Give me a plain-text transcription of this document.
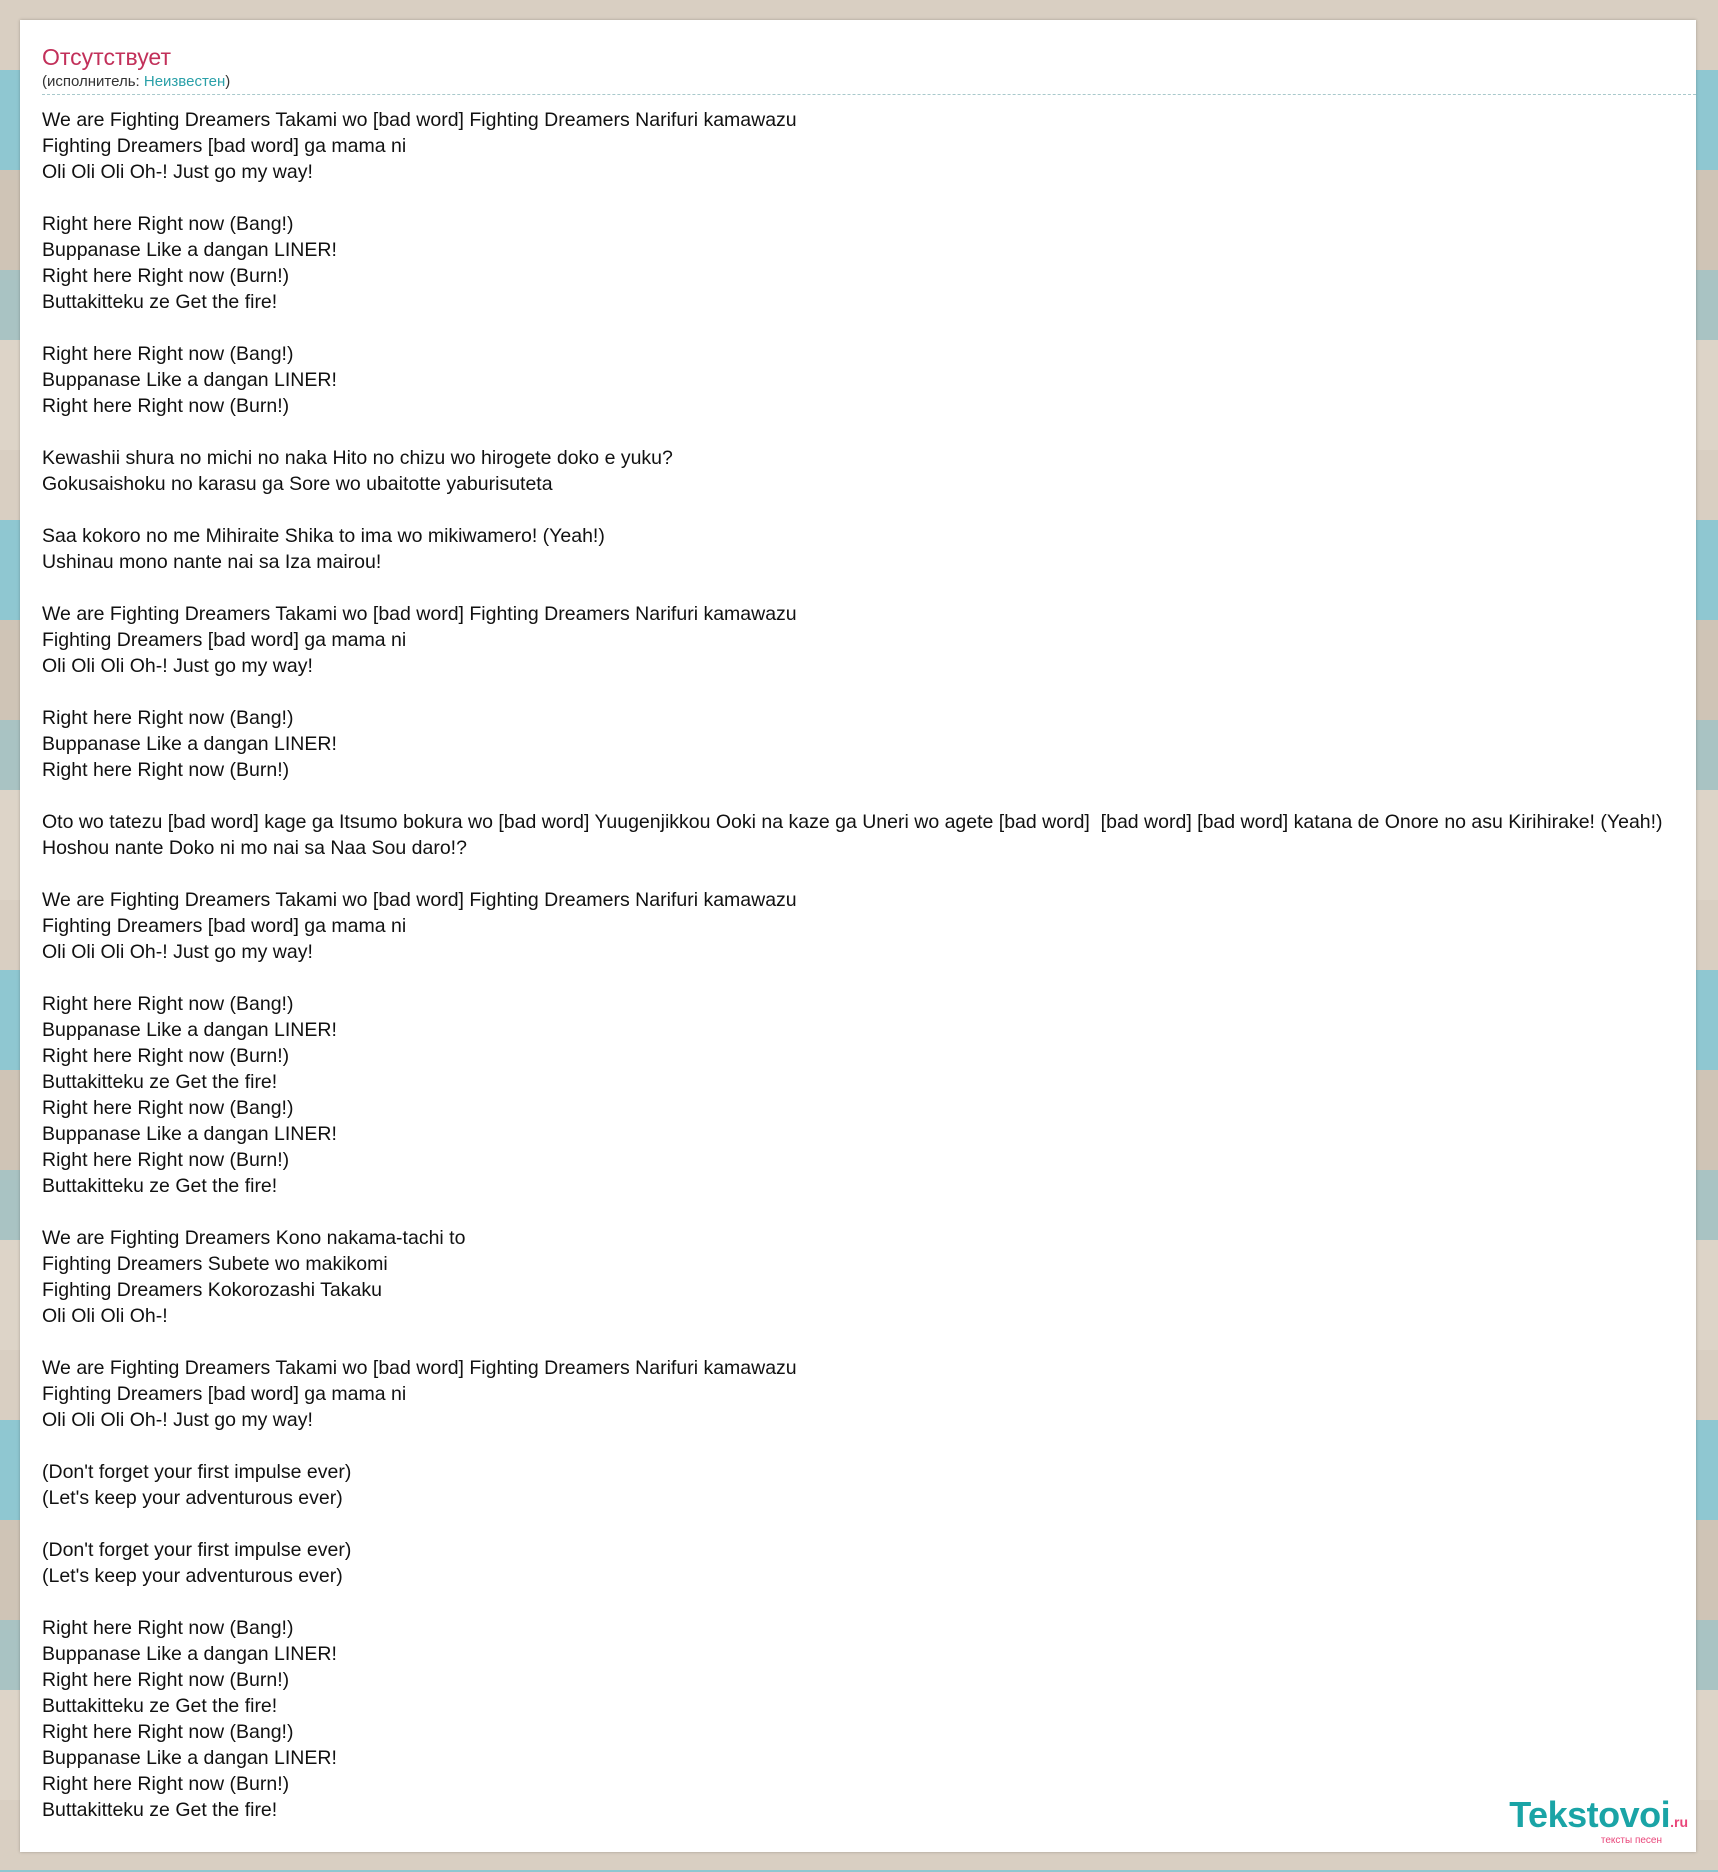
Отсутствует
(исполнитель: Неизвестен)
We are Fighting Dreamers Takami wo [bad word] Fighting Dreamers Narifuri kamawazu
Fighting Dreamers [bad word] ga mama ni
Oli Oli Oli Oh-! Just go my way!
Right here Right now (Bang!)
Buppanase Like a dangan LINER!
Right here Right now (Burn!)
Buttakitteku ze Get the fire!
Right here Right now (Bang!)
Buppanase Like a dangan LINER!
Right here Right now (Burn!)
Kewashii shura no michi no naka Hito no chizu wo hirogete doko e yuku?
Gokusaishoku no karasu ga Sore wo ubaitotte yaburisuteta
Saa kokoro no me Mihiraite Shika to ima wo mikiwamero! (Yeah!)
Ushinau mono nante nai sa Iza mairou!
We are Fighting Dreamers Takami wo [bad word] Fighting Dreamers Narifuri kamawazu
Fighting Dreamers [bad word] ga mama ni
Oli Oli Oli Oh-! Just go my way!
Right here Right now (Bang!)
Buppanase Like a dangan LINER!
Right here Right now (Burn!)
Oto wo tatezu [bad word] kage ga Itsumo bokura wo [bad word] Yuugenjikkou Ooki na kaze ga Uneri wo agete [bad word]  [bad word] [bad word] katana de Onore no asu Kirihirake! (Yeah!)
Hoshou nante Doko ni mo nai sa Naa Sou daro!?
We are Fighting Dreamers Takami wo [bad word] Fighting Dreamers Narifuri kamawazu
Fighting Dreamers [bad word] ga mama ni
Oli Oli Oli Oh-! Just go my way!
Right here Right now (Bang!)
Buppanase Like a dangan LINER!
Right here Right now (Burn!)
Buttakitteku ze Get the fire!
Right here Right now (Bang!)
Buppanase Like a dangan LINER!
Right here Right now (Burn!)
Buttakitteku ze Get the fire!
We are Fighting Dreamers Kono nakama-tachi to
Fighting Dreamers Subete wo makikomi
Fighting Dreamers Kokorozashi Takaku
Oli Oli Oli Oh-!
We are Fighting Dreamers Takami wo [bad word] Fighting Dreamers Narifuri kamawazu
Fighting Dreamers [bad word] ga mama ni
Oli Oli Oli Oh-! Just go my way!
(Don't forget your first impulse ever)
(Let's keep your adventurous ever)
(Don't forget your first impulse ever)
(Let's keep your adventurous ever)
Right here Right now (Bang!)
Buppanase Like a dangan LINER!
Right here Right now (Burn!)
Buttakitteku ze Get the fire!
Right here Right now (Bang!)
Buppanase Like a dangan LINER!
Right here Right now (Burn!)
Buttakitteku ze Get the fire!	Tekstovoi.ru
тексты песен
